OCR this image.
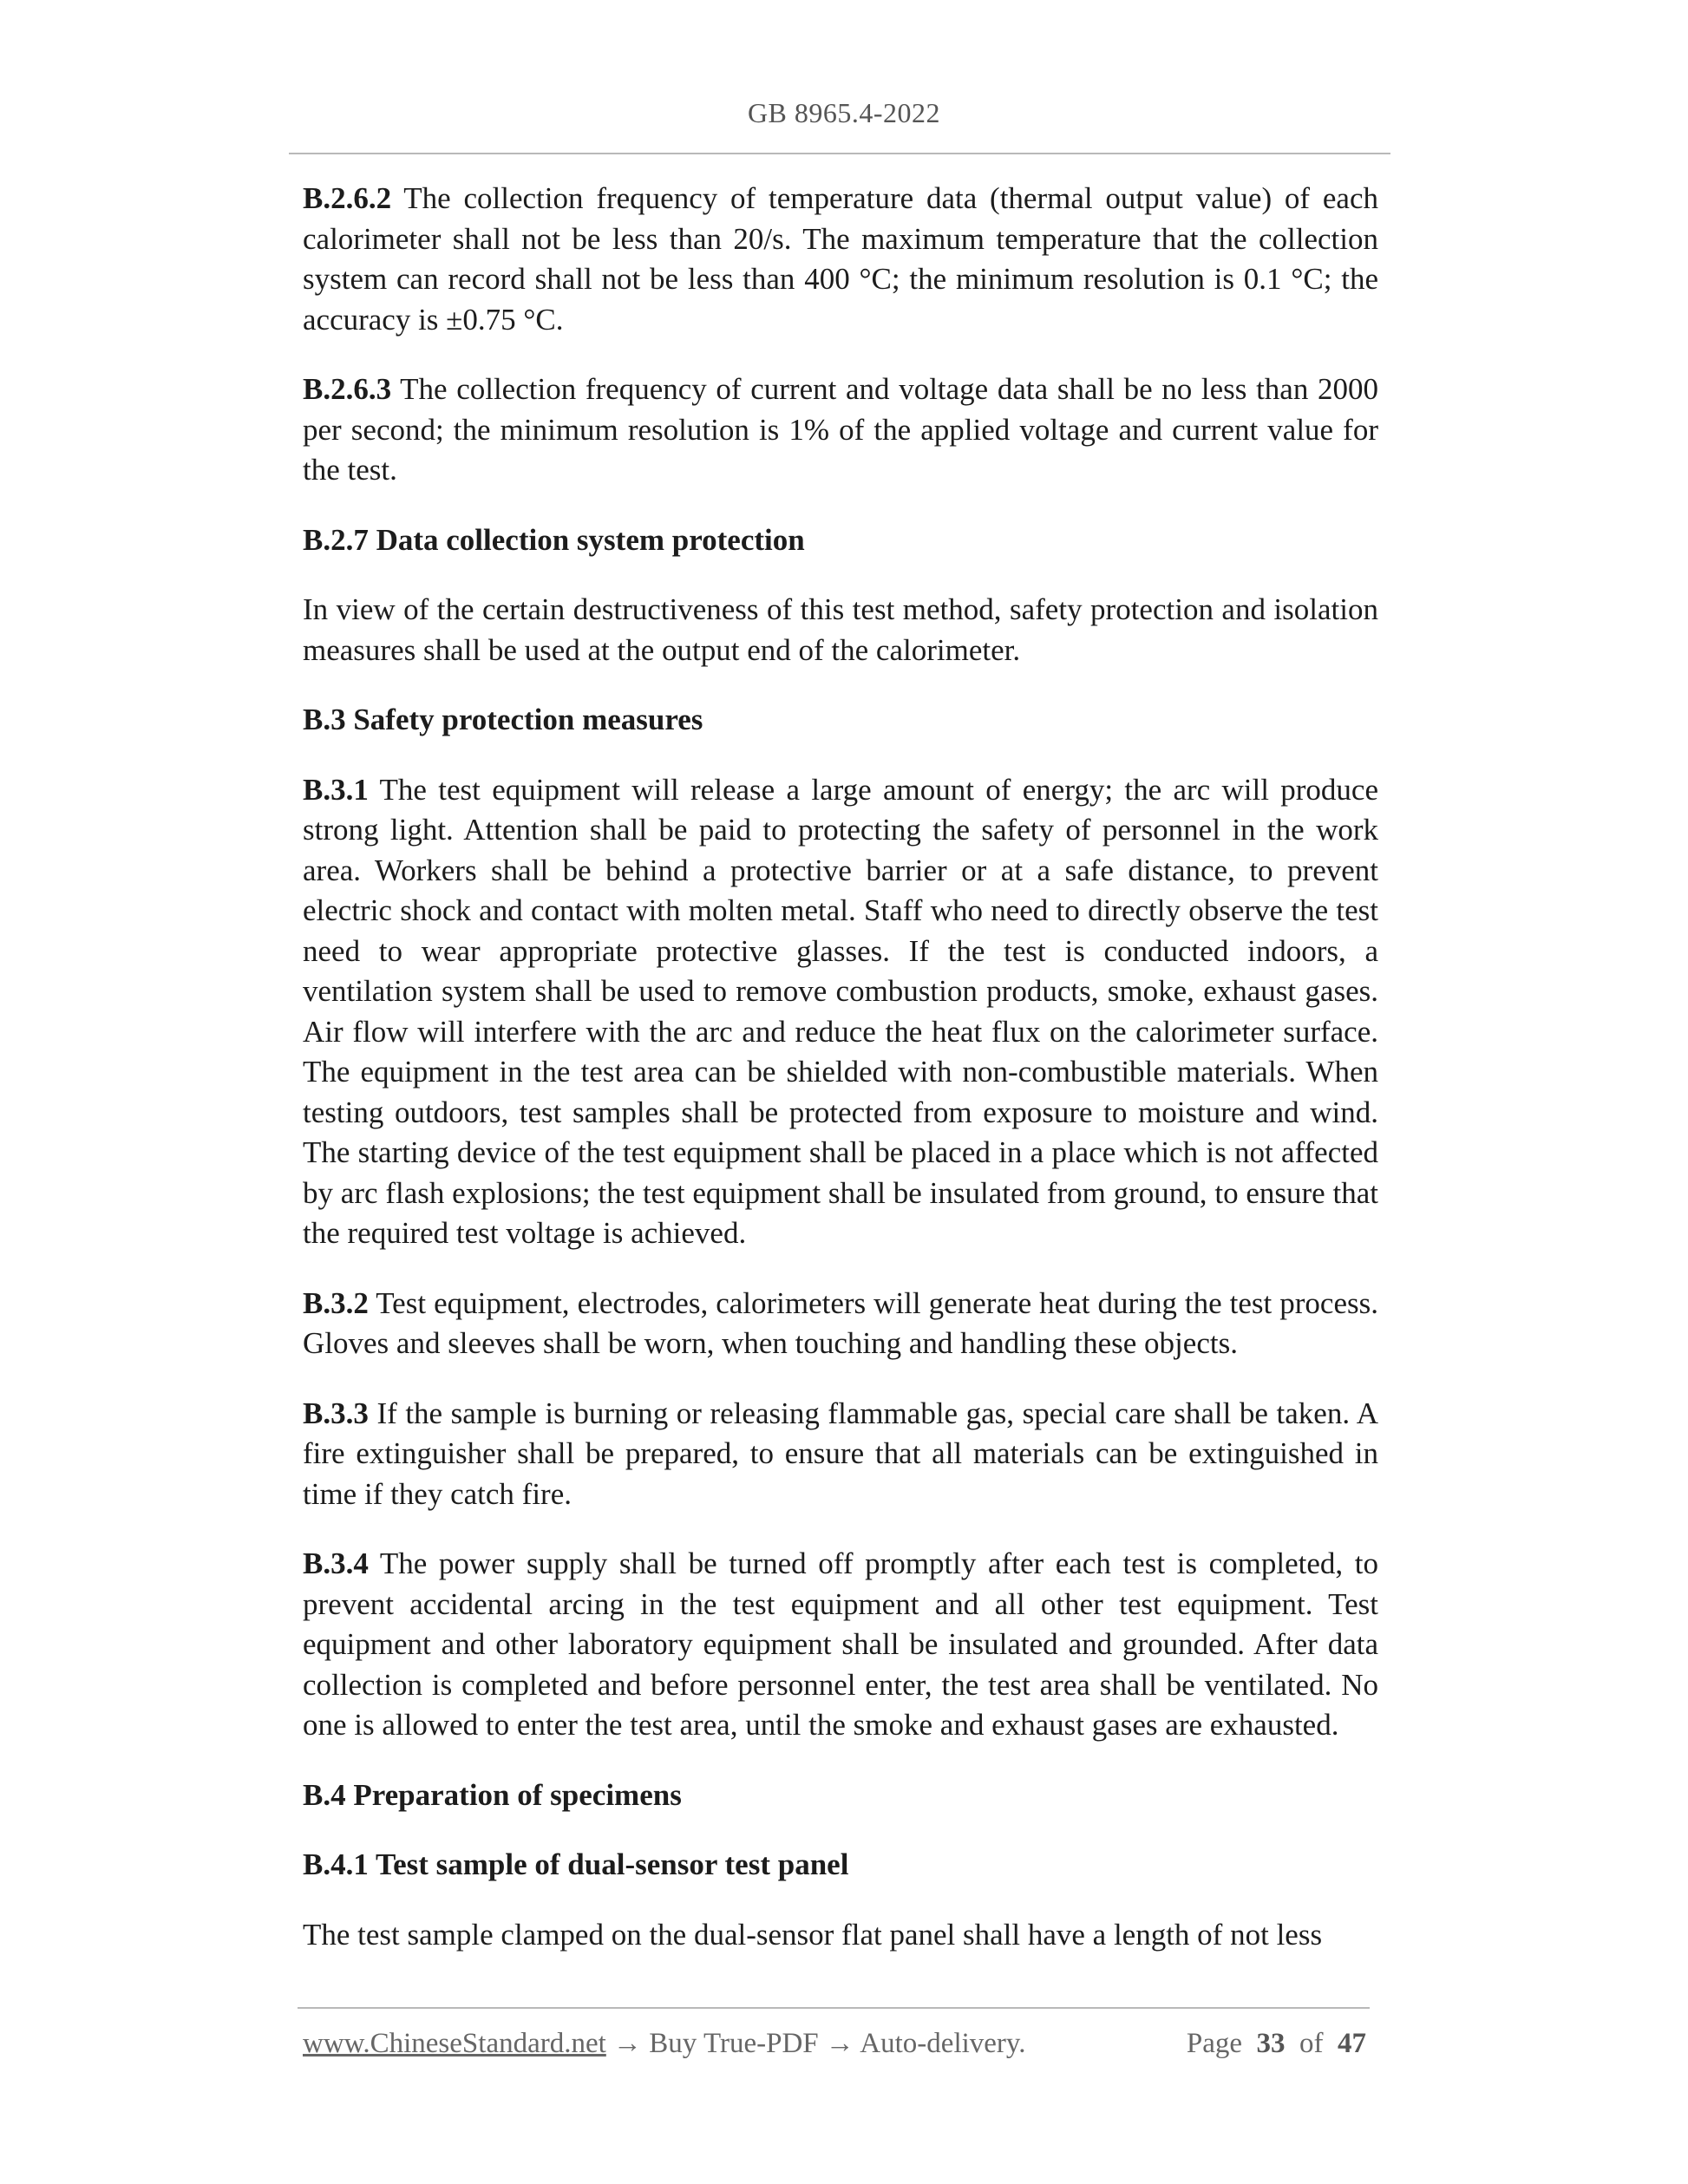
GB 8965.4-2022
B.2.6.2 The collection frequency of temperature data (thermal output value) of each calorimeter shall not be less than 20/s. The maximum temperature that the collection system can record shall not be less than 400 °C; the minimum resolution is 0.1 °C; the accuracy is ±0.75 °C.
B.2.6.3 The collection frequency of current and voltage data shall be no less than 2000 per second; the minimum resolution is 1% of the applied voltage and current value for the test.
B.2.7 Data collection system protection
In view of the certain destructiveness of this test method, safety protection and isolation measures shall be used at the output end of the calorimeter.
B.3 Safety protection measures
B.3.1 The test equipment will release a large amount of energy; the arc will produce strong light. Attention shall be paid to protecting the safety of personnel in the work area. Workers shall be behind a protective barrier or at a safe distance, to prevent electric shock and contact with molten metal. Staff who need to directly observe the test need to wear appropriate protective glasses. If the test is conducted indoors, a ventilation system shall be used to remove combustion products, smoke, exhaust gases. Air flow will interfere with the arc and reduce the heat flux on the calorimeter surface. The equipment in the test area can be shielded with non-combustible materials. When testing outdoors, test samples shall be protected from exposure to moisture and wind. The starting device of the test equipment shall be placed in a place which is not affected by arc flash explosions; the test equipment shall be insulated from ground, to ensure that the required test voltage is achieved.
B.3.2 Test equipment, electrodes, calorimeters will generate heat during the test process. Gloves and sleeves shall be worn, when touching and handling these objects.
B.3.3 If the sample is burning or releasing flammable gas, special care shall be taken. A fire extinguisher shall be prepared, to ensure that all materials can be extinguished in time if they catch fire.
B.3.4 The power supply shall be turned off promptly after each test is completed, to prevent accidental arcing in the test equipment and all other test equipment. Test equipment and other laboratory equipment shall be insulated and grounded. After data collection is completed and before personnel enter, the test area shall be ventilated. No one is allowed to enter the test area, until the smoke and exhaust gases are exhausted.
B.4 Preparation of specimens
B.4.1 Test sample of dual-sensor test panel
The test sample clamped on the dual-sensor flat panel shall have a length of not less
www.ChineseStandard.net → Buy True-PDF → Auto-delivery.	Page 33 of 47
